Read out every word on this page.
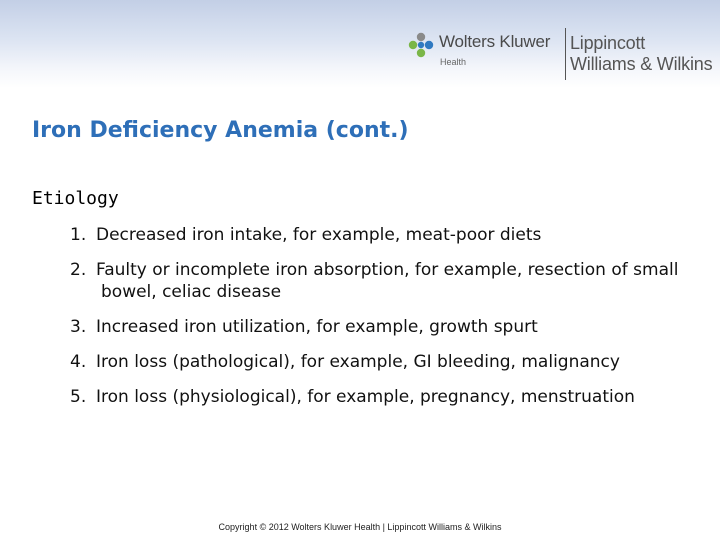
Wolters Kluwer
Health
Lippincott
Williams & Wilkins
Iron Deficiency Anemia (cont.)
Etiology
1. Decreased iron intake, for example, meat-poor diets
2. Faulty or incomplete iron absorption, for example, resection of small bowel, celiac disease
3. Increased iron utilization, for example, growth spurt
4. Iron loss (pathological), for example, GI bleeding, malignancy
5. Iron loss (physiological), for example, pregnancy, menstruation
Copyright © 2012 Wolters Kluwer Health | Lippincott Williams & Wilkins
